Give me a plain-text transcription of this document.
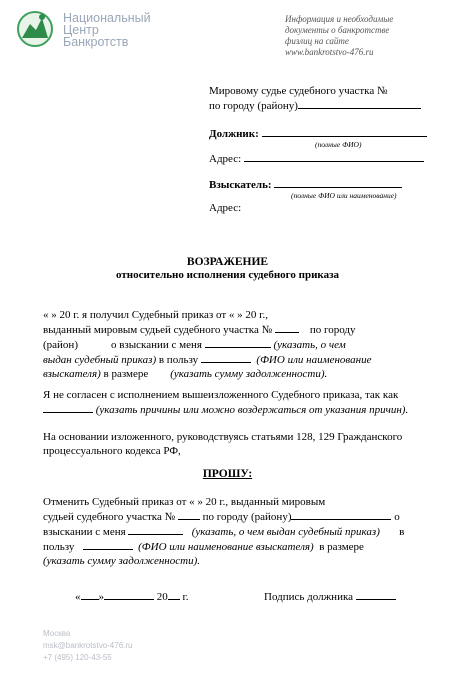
Национальный
Центр
Банкротств
Информация и необходимые
документы о банкротстве
физлиц на сайте
www.bankrotstvo-476.ru
Мировому судье судебного участка №
по городу (району)
Должник:
(полные ФИО)
Адрес:
Взыскатель:
(полные ФИО или наименование)
Адрес:
ВОЗРАЖЕНИЕ
относительно исполнения судебного приказа
« » 20 г. я получил Судебный приказ от « » 20 г.,
выданный мировым судьей судебного участка №	по городу
(район)	о взыскании с меня	(указать, о чем
выдан судебный приказ) в пользу	(ФИО или наименование
взыскателя) в размере (указать сумму задолженности).
Я не согласен с исполнением вышеизложенного Судебного приказа, так как
(указать причины или можно воздержаться от указания причин).
На основании изложенного, руководствуясь статьями 128, 129 Гражданского
процессуального кодекса РФ,
ПРОШУ:
Отменить Судебный приказ от « » 20 г., выданный мировым
судьей судебного участка №	по городу (району)	о
взыскании с меня	(указать, о чем выдан судебный приказ) в
пользу	(ФИО или наименование взыскателя) в размере
(указать сумму задолженности).
« »	20 г.	Подпись должника
Москва
msk@bankrotstvo-476.ru
+7 (495) 120-43-55
